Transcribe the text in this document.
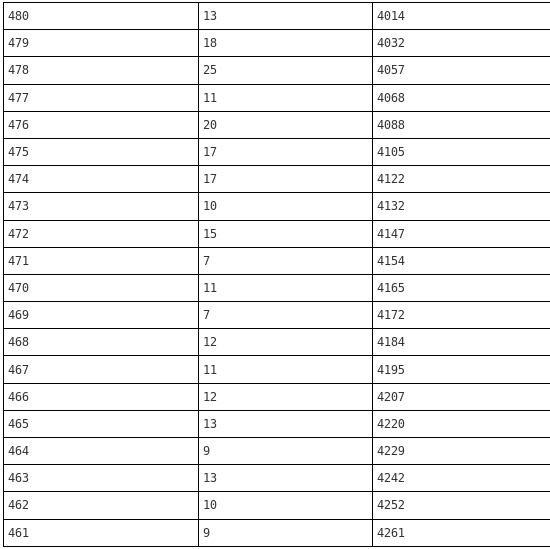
480	13	4014
479	18	4032
478	25	4057
477	11	4068
476	20	4088
475	17	4105
474	17	4122
473	10	4132
472	15	4147
471	7	4154
470	11	4165
469	7	4172
468	12	4184
467	11	4195
466	12	4207
465	13	4220
464	9	4229
463	13	4242
462	10	4252
461	9	4261
